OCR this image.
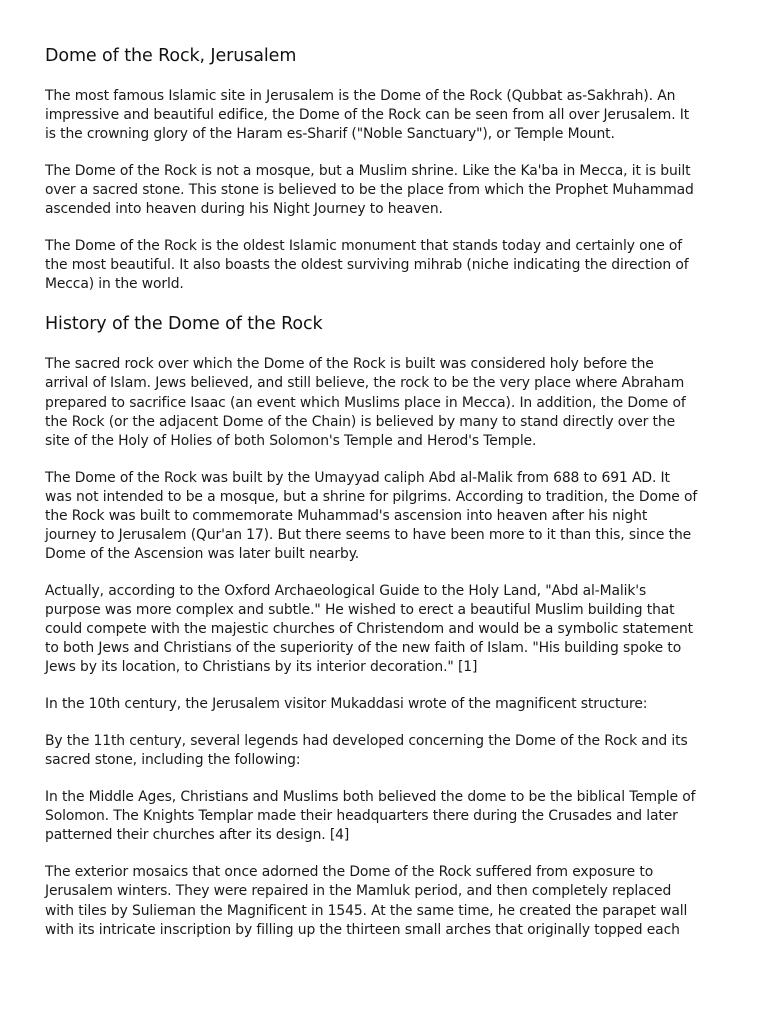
Dome of the Rock, Jerusalem

The most famous Islamic site in Jerusalem is the Dome of the Rock (Qubbat as-Sakhrah). An
impressive and beautiful edifice, the Dome of the Rock can be seen from all over Jerusalem. It
is the crowning glory of the Haram es-Sharif ("Noble Sanctuary"), or Temple Mount.

The Dome of the Rock is not a mosque, but a Muslim shrine. Like the Ka'ba in Mecca, it is built
over a sacred stone. This stone is believed to be the place from which the Prophet Muhammad
ascended into heaven during his Night Journey to heaven.

The Dome of the Rock is the oldest Islamic monument that stands today and certainly one of
the most beautiful. It also boasts the oldest surviving mihrab (niche indicating the direction of
Mecca) in the world.

History of the Dome of the Rock

The sacred rock over which the Dome of the Rock is built was considered holy before the
arrival of Islam. Jews believed, and still believe, the rock to be the very place where Abraham
prepared to sacrifice Isaac (an event which Muslims place in Mecca). In addition, the Dome of
the Rock (or the adjacent Dome of the Chain) is believed by many to stand directly over the
site of the Holy of Holies of both Solomon's Temple and Herod's Temple.

The Dome of the Rock was built by the Umayyad caliph Abd al-Malik from 688 to 691 AD. It
was not intended to be a mosque, but a shrine for pilgrims. According to tradition, the Dome of
the Rock was built to commemorate Muhammad's ascension into heaven after his night
journey to Jerusalem (Qur'an 17). But there seems to have been more to it than this, since the
Dome of the Ascension was later built nearby.

Actually, according to the Oxford Archaeological Guide to the Holy Land, "Abd al-Malik's
purpose was more complex and subtle." He wished to erect a beautiful Muslim building that
could compete with the majestic churches of Christendom and would be a symbolic statement
to both Jews and Christians of the superiority of the new faith of Islam. "His building spoke to
Jews by its location, to Christians by its interior decoration." [1]

In the 10th century, the Jerusalem visitor Mukaddasi wrote of the magnificent structure:

By the 11th century, several legends had developed concerning the Dome of the Rock and its
sacred stone, including the following:

In the Middle Ages, Christians and Muslims both believed the dome to be the biblical Temple of
Solomon. The Knights Templar made their headquarters there during the Crusades and later
patterned their churches after its design. [4]

The exterior mosaics that once adorned the Dome of the Rock suffered from exposure to
Jerusalem winters. They were repaired in the Mamluk period, and then completely replaced
with tiles by Sulieman the Magnificent in 1545. At the same time, he created the parapet wall
with its intricate inscription by filling up the thirteen small arches that originally topped each
